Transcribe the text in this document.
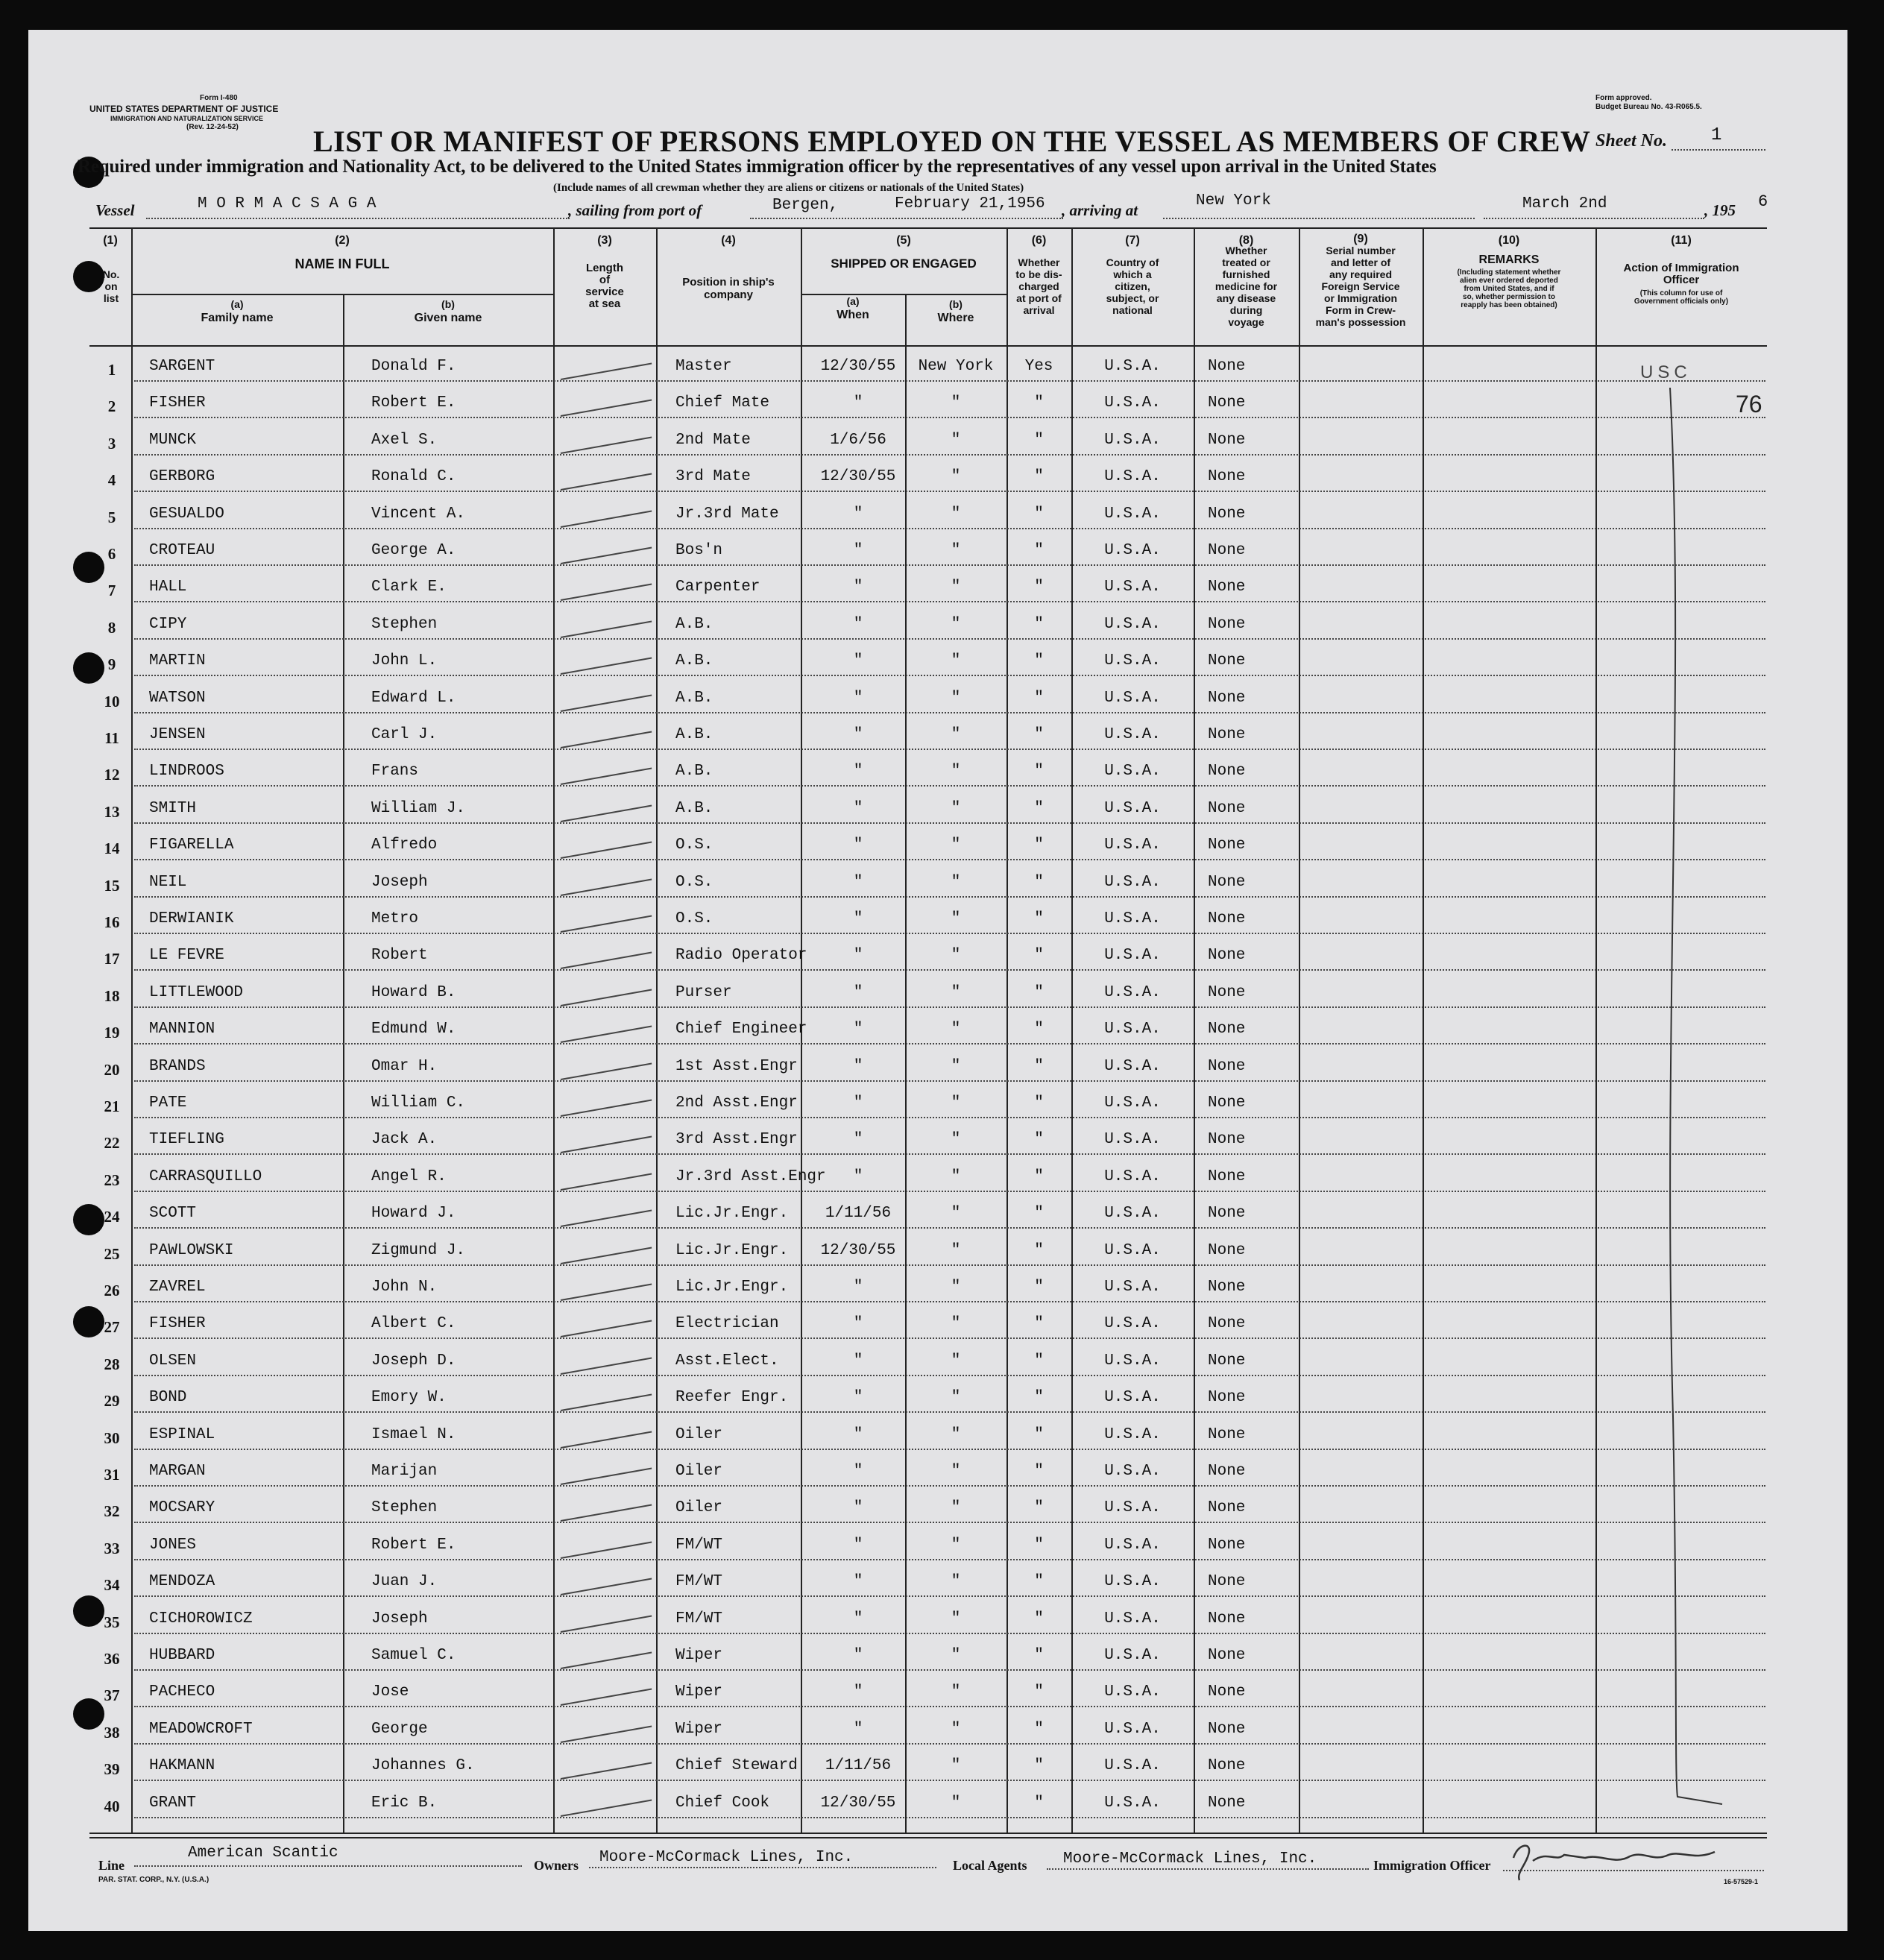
Form I-480
UNITED STATES DEPARTMENT OF JUSTICE
IMMIGRATION AND NATURALIZATION SERVICE
(Rev. 12-24-52)
Form approved.
Budget Bureau No. 43-R065.5.
LIST OR MANIFEST OF PERSONS EMPLOYED ON THE VESSEL AS MEMBERS OF CREW Sheet No. 1
Required under immigration and Nationality Act, to be delivered to the United States immigration officer by the representatives of any vessel upon arrival in the United States
(Include names of all crewman whether they are aliens or citizens or nationals of the United States)
Vessel	M O R M A C S A G A	, sailing from port of	Bergen,	February 21,1956 , arriving at
New York	March 2nd	, 195 6
(1)
No.
on
list
(2)
NAME IN FULL
(a)
Family name
(b)
Given name
(3)
Length
of
service
at sea
(4)
Position in ship's
company
(5)
SHIPPED OR ENGAGED
(a)
When
(b)
Where
(6)
Whether
to be dis-
charged
at port of
arrival
(7)
Country of
which a
citizen,
subject, or
national
(8)
Whether
treated or
furnished
medicine for
any disease
during
voyage
(9)
Serial number
and letter of
any required
Foreign Service
or Immigration
Form in Crew-
man's possession
(10)
REMARKS
(Including statement whether
alien ever ordered deported
from United States, and if
so, whether permission to
reapply has been obtained)
(11)
Action of Immigration
Officer
(This column for use of
Government officials only)
1	SARGENT	Donald F.	Master	12/30/55	New York	Yes	U.S.A.	None
2	FISHER	Robert E.	Chief Mate	"	"	"	U.S.A.	None
3	MUNCK	Axel S.	2nd Mate	1/6/56	"	"	U.S.A.	None
4	GERBORG	Ronald C.	3rd Mate	12/30/55	"	"	U.S.A.	None
5	GESUALDO	Vincent A.	Jr.3rd Mate	"	"	"	U.S.A.	None
6	CROTEAU	George A.	Bos'n	"	"	"	U.S.A.	None
7	HALL	Clark E.	Carpenter	"	"	"	U.S.A.	None
8	CIPY	Stephen	A.B.	"	"	"	U.S.A.	None
9	MARTIN	John L.	A.B.	"	"	"	U.S.A.	None
10	WATSON	Edward L.	A.B.	"	"	"	U.S.A.	None
11	JENSEN	Carl J.	A.B.	"	"	"	U.S.A.	None
12	LINDROOS	Frans	A.B.	"	"	"	U.S.A.	None
13	SMITH	William J.	A.B.	"	"	"	U.S.A.	None
14	FIGARELLA	Alfredo	O.S.	"	"	"	U.S.A.	None
15	NEIL	Joseph	O.S.	"	"	"	U.S.A.	None
16	DERWIANIK	Metro	O.S.	"	"	"	U.S.A.	None
17	LE FEVRE	Robert	Radio Operator	"	"	"	U.S.A.	None
18	LITTLEWOOD	Howard B.	Purser	"	"	"	U.S.A.	None
19	MANNION	Edmund W.	Chief Engineer	"	"	"	U.S.A.	None
20	BRANDS	Omar H.	1st Asst.Engr	"	"	"	U.S.A.	None
21	PATE	William C.	2nd Asst.Engr	"	"	"	U.S.A.	None
22	TIEFLING	Jack A.	3rd Asst.Engr	"	"	"	U.S.A.	None
23	CARRASQUILLO	Angel R.	Jr.3rd Asst.Engr	"	"	"	U.S.A.	None
24	SCOTT	Howard J.	Lic.Jr.Engr.	1/11/56	"	"	U.S.A.	None
25	PAWLOWSKI	Zigmund J.	Lic.Jr.Engr.	12/30/55	"	"	U.S.A.	None
26	ZAVREL	John N.	Lic.Jr.Engr.	"	"	"	U.S.A.	None
27	FISHER	Albert C.	Electrician	"	"	"	U.S.A.	None
28	OLSEN	Joseph D.	Asst.Elect.	"	"	"	U.S.A.	None
29	BOND	Emory W.	Reefer Engr.	"	"	"	U.S.A.	None
30	ESPINAL	Ismael N.	Oiler	"	"	"	U.S.A.	None
31	MARGAN	Marijan	Oiler	"	"	"	U.S.A.	None
32	MOCSARY	Stephen	Oiler	"	"	"	U.S.A.	None
33	JONES	Robert E.	FM/WT	"	"	"	U.S.A.	None
34	MENDOZA	Juan J.	FM/WT	"	"	"	U.S.A.	None
35	CICHOROWICZ	Joseph	FM/WT	"	"	"	U.S.A.	None
36	HUBBARD	Samuel C.	Wiper	"	"	"	U.S.A.	None
37	PACHECO	Jose	Wiper	"	"	"	U.S.A.	None
38	MEADOWCROFT	George	Wiper	"	"	"	U.S.A.	None
39	HAKMANN	Johannes G.	Chief Steward	1/11/56	"	"	U.S.A.	None
40	GRANT	Eric B.	Chief Cook	12/30/55	"	"	U.S.A.	None
USC
76
Line
American Scantic
Owners Moore-McCormack Lines, Inc.	Local Agents Moore-McCormack Lines, Inc.	Immigration Officer
PAR. STAT. CORP., N.Y. (U.S.A.)	16-57529-1
